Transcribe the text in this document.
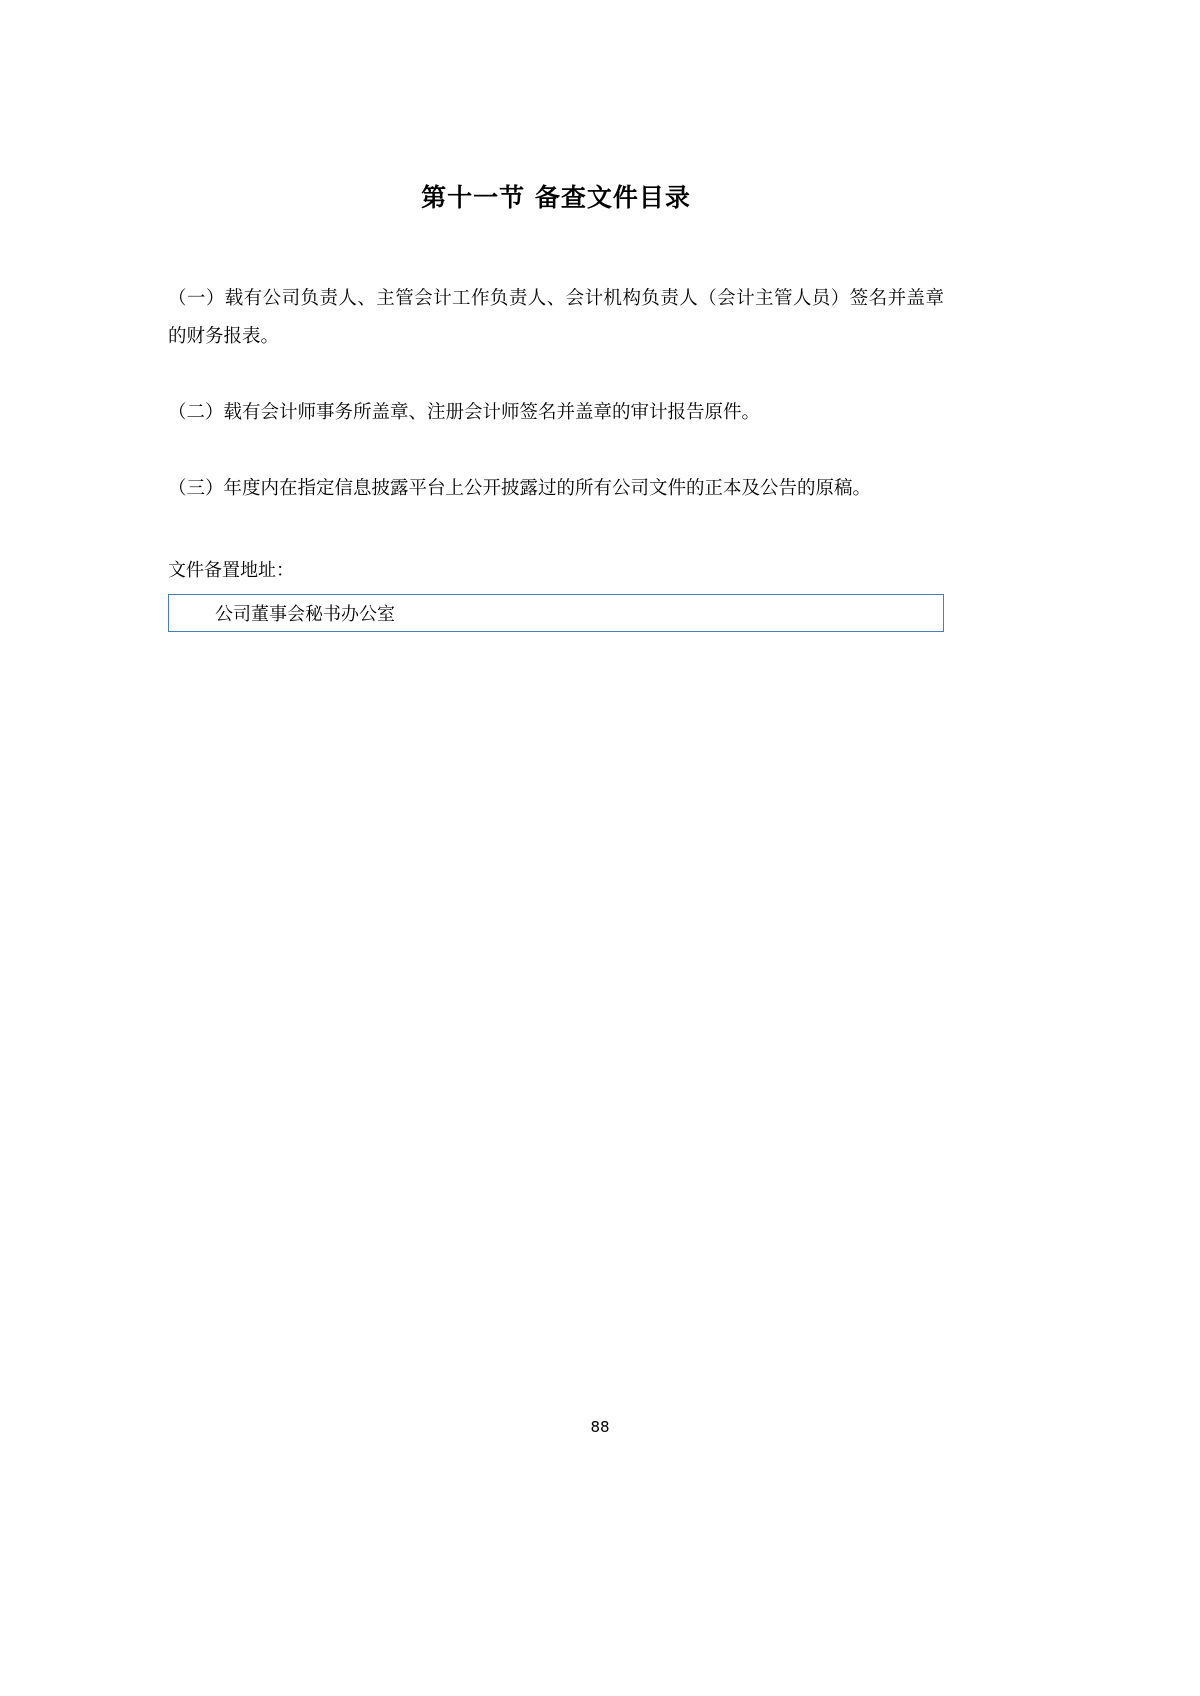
第十一节 备查文件目录

（一）载有公司负责人、主管会计工作负责人、会计机构负责人（会计主管人员）签名并盖章的财务报表。

（二）载有会计师事务所盖章、注册会计师签名并盖章的审计报告原件。

（三）年度内在指定信息披露平台上公开披露过的所有公司文件的正本及公告的原稿。

文件备置地址：
公司董事会秘书办公室
88
